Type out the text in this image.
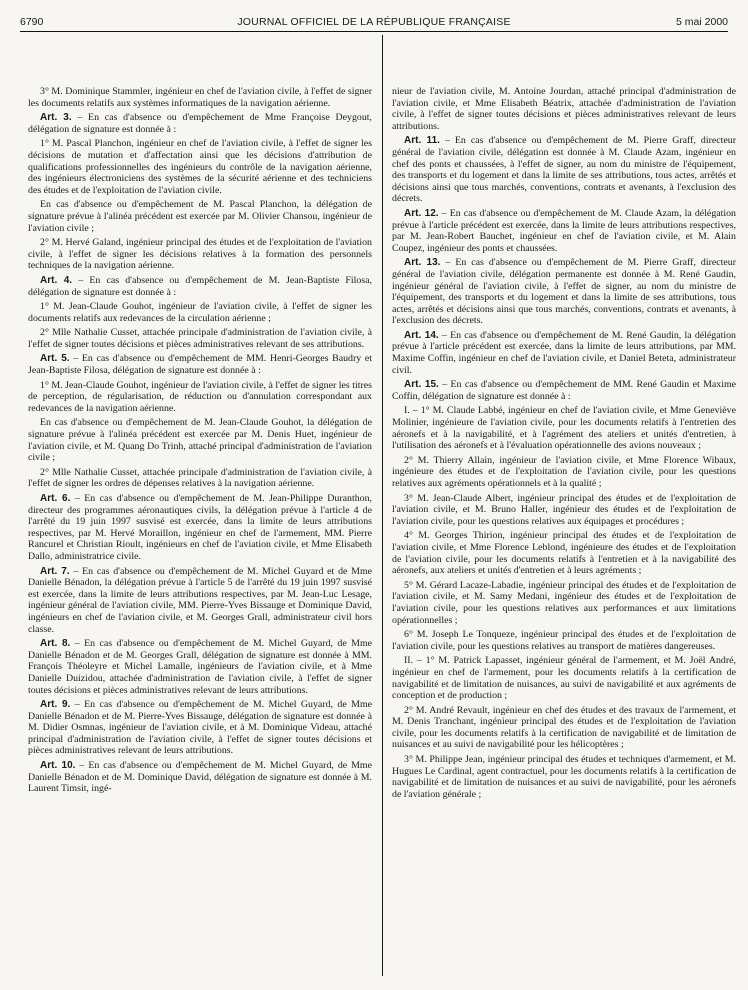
6790	JOURNAL OFFICIEL DE LA RÉPUBLIQUE FRANÇAISE	5 mai 2000

3° M. Dominique Stammler, ingénieur en chef de l'aviation civile, à l'effet de signer les documents relatifs aux systèmes informatiques de la navigation aérienne.

Art. 3. – En cas d'absence ou d'empêchement de Mme Françoise Deygout, délégation de signature est donnée à :

1° M. Pascal Planchon, ingénieur en chef de l'aviation civile, à l'effet de signer les décisions de mutation et d'affectation ainsi que les décisions d'attribution de qualifications professionnelles des ingénieurs du contrôle de la navigation aérienne, des ingénieurs électroniciens des systèmes de la sécurité aérienne et des techniciens des études et de l'exploitation de l'aviation civile.

En cas d'absence ou d'empêchement de M. Pascal Planchon, la délégation de signature prévue à l'alinéa précédent est exercée par M. Olivier Chansou, ingénieur de l'aviation civile ;

2° M. Hervé Galand, ingénieur principal des études et de l'exploitation de l'aviation civile, à l'effet de signer les décisions relatives à la formation des personnels techniques de la navigation aérienne.

Art. 4. – En cas d'absence ou d'empêchement de M. Jean-Baptiste Filosa, délégation de signature est donnée à :

1° M. Jean-Claude Gouhot, ingénieur de l'aviation civile, à l'effet de signer les documents relatifs aux redevances de la circulation aérienne ;

2° Mlle Nathalie Cusset, attachée principale d'administration de l'aviation civile, à l'effet de signer toutes décisions et pièces administratives relevant de ses attributions.

Art. 5. – En cas d'absence ou d'empêchement de MM. Henri-Georges Baudry et Jean-Baptiste Filosa, délégation de signature est donnée à :

1° M. Jean-Claude Gouhot, ingénieur de l'aviation civile, à l'effet de signer les titres de perception, de régularisation, de réduction ou d'annulation correspondant aux redevances de la navigation aérienne.

En cas d'absence ou d'empêchement de M. Jean-Claude Gouhot, la délégation de signature prévue à l'alinéa précédent est exercée par M. Denis Huet, ingénieur de l'aviation civile, et M. Quang Do Trinh, attaché principal d'administration de l'aviation civile ;

2° Mlle Nathalie Cusset, attachée principale d'administration de l'aviation civile, à l'effet de signer les ordres de dépenses relatives à la navigation aérienne.

Art. 6. – En cas d'absence ou d'empêchement de M. Jean-Philippe Duranthon, directeur des programmes aéronautiques civils, la délégation prévue à l'article 4 de l'arrêté du 19 juin 1997 susvisé est exercée, dans la limite de leurs attributions respectives, par M. Hervé Moraillon, ingénieur en chef de l'armement, MM. Pierre Rancurel et Christian Rioult, ingénieurs en chef de l'aviation civile, et Mme Elisabeth Dallo, administratrice civile.

Art. 7. – En cas d'absence ou d'empêchement de M. Michel Guyard et de Mme Danielle Bénadon, la délégation prévue à l'article 5 de l'arrêté du 19 juin 1997 susvisé est exercée, dans la limite de leurs attributions respectives, par M. Jean-Luc Lesage, ingénieur général de l'aviation civile, MM. Pierre-Yves Bissauge et Dominique David, ingénieurs en chef de l'aviation civile, et M. Georges Grall, administrateur civil hors classe.

Art. 8. – En cas d'absence ou d'empêchement de M. Michel Guyard, de Mme Danielle Bénadon et de M. Georges Grall, délégation de signature est donnée à MM. François Théoleyre et Michel Lamalle, ingénieurs de l'aviation civile, et à Mme Danielle Duizidou, attachée d'administration de l'aviation civile, à l'effet de signer toutes décisions et pièces administratives relevant de leurs attributions.

Art. 9. – En cas d'absence ou d'empêchement de M. Michel Guyard, de Mme Danielle Bénadon et de M. Pierre-Yves Bissauge, délégation de signature est donnée à M. Didier Osmnas, ingénieur de l'aviation civile, et à M. Dominique Videau, attaché principal d'administration de l'aviation civile, à l'effet de signer toutes décisions et pièces administratives relevant de leurs attributions.

Art. 10. – En cas d'absence ou d'empêchement de M. Michel Guyard, de Mme Danielle Bénadon et de M. Dominique David, délégation de signature est donnée à M. Laurent Timsit, ingé-

nieur de l'aviation civile, M. Antoine Jourdan, attaché principal d'administration de l'aviation civile, et Mme Elisabeth Béatrix, attachée d'administration de l'aviation civile, à l'effet de signer toutes décisions et pièces administratives relevant de leurs attributions.

Art. 11. – En cas d'absence ou d'empêchement de M. Pierre Graff, directeur général de l'aviation civile, délégation est donnée à M. Claude Azam, ingénieur en chef des ponts et chaussées, à l'effet de signer, au nom du ministre de l'équipement, des transports et du logement et dans la limite de ses attributions, tous actes, arrêtés et décisions ainsi que tous marchés, conventions, contrats et avenants, à l'exclusion des décrets.

Art. 12. – En cas d'absence ou d'empêchement de M. Claude Azam, la délégation prévue à l'article précédent est exercée, dans la limite de leurs attributions respectives, par M. Jean-Robert Bauchet, ingénieur en chef de l'aviation civile, et M. Alain Coupez, ingénieur des ponts et chaussées.

Art. 13. – En cas d'absence ou d'empêchement de M. Pierre Graff, directeur général de l'aviation civile, délégation permanente est donnée à M. René Gaudin, ingénieur général de l'aviation civile, à l'effet de signer, au nom du ministre de l'équipement, des transports et du logement et dans la limite de ses attributions, tous actes, arrêtés et décisions ainsi que tous marchés, conventions, contrats et avenants, à l'exclusion des décrets.

Art. 14. – En cas d'absence ou d'empêchement de M. René Gaudin, la délégation prévue à l'article précédent est exercée, dans la limite de leurs attributions, par MM. Maxime Coffin, ingénieur en chef de l'aviation civile, et Daniel Beteta, administrateur civil.

Art. 15. – En cas d'absence ou d'empêchement de MM. René Gaudin et Maxime Coffin, délégation de signature est donnée à :

I. – 1° M. Claude Labbé, ingénieur en chef de l'aviation civile, et Mme Geneviève Molinier, ingénieure de l'aviation civile, pour les documents relatifs à l'entretien des aéronefs et à la navigabilité, et à l'agrément des ateliers et unités d'entretien, à l'utilisation des aéronefs et à l'évaluation opérationnelle des avions nouveaux ;

2° M. Thierry Allain, ingénieur de l'aviation civile, et Mme Florence Wibaux, ingénieure des études et de l'exploitation de l'aviation civile, pour les questions relatives aux agréments opérationnels et à la qualité ;

3° M. Jean-Claude Albert, ingénieur principal des études et de l'exploitation de l'aviation civile, et M. Bruno Haller, ingénieur des études et de l'exploitation de l'aviation civile, pour les questions relatives aux équipages et procédures ;

4° M. Georges Thirion, ingénieur principal des études et de l'exploitation de l'aviation civile, et Mme Florence Leblond, ingénieure des études et de l'exploitation de l'aviation civile, pour les documents relatifs à l'entretien et à la navigabilité des aéronefs, aux ateliers et unités d'entretien et à leurs agréments ;

5° M. Gérard Lacaze-Labadie, ingénieur principal des études et de l'exploitation de l'aviation civile, et M. Samy Medani, ingénieur des études et de l'exploitation de l'aviation civile, pour les questions relatives aux performances et aux limitations opérationnelles ;

6° M. Joseph Le Tonqueze, ingénieur principal des études et de l'exploitation de l'aviation civile, pour les questions relatives au transport de matières dangereuses.

II. – 1° M. Patrick Lapasset, ingénieur général de l'armement, et M. Joël André, ingénieur en chef de l'armement, pour les documents relatifs à la certification de navigabilité et de limitation de nuisances, au suivi de navigabilité et aux agréments de conception et de production ;

2° M. André Revault, ingénieur en chef des études et des travaux de l'armement, et M. Denis Tranchant, ingénieur principal des études et de l'exploitation de l'aviation civile, pour les documents relatifs à la certification de navigabilité et de limitation de nuisances et au suivi de navigabilité pour les hélicoptères ;

3° M. Philippe Jean, ingénieur principal des études et techniques d'armement, et M. Hugues Le Cardinal, agent contractuel, pour les documents relatifs à la certification de navigabilité et de limitation de nuisances et au suivi de navigabilité, pour les aéronefs de l'aviation générale ;
